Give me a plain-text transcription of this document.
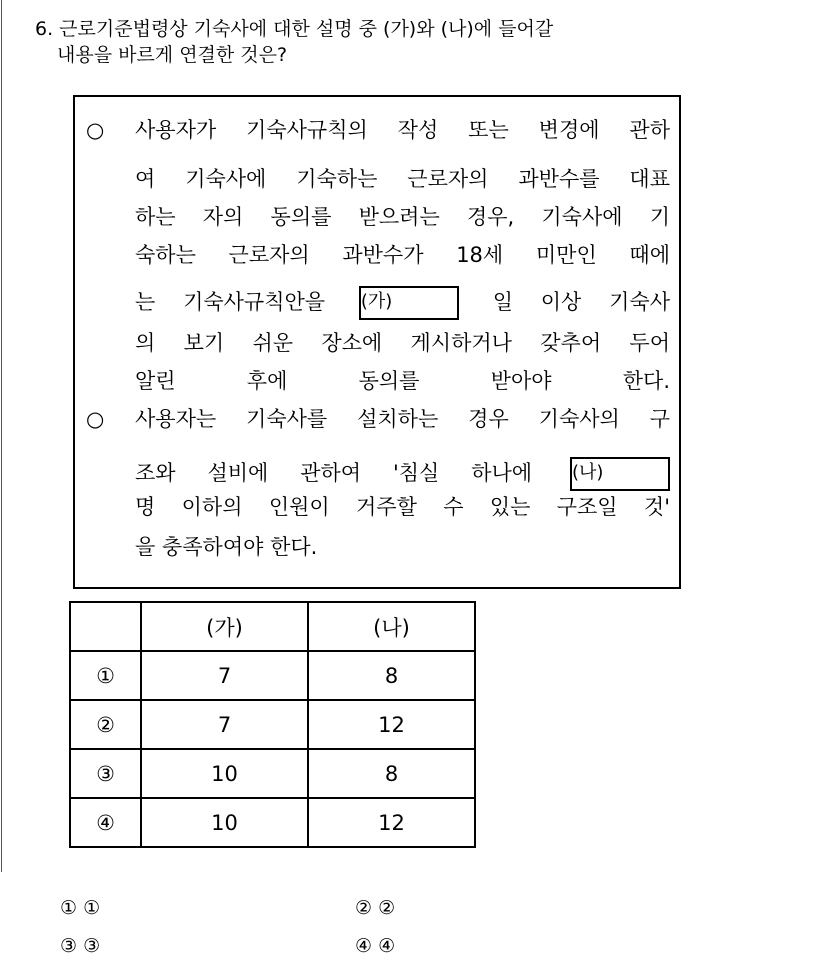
6. 근로기준법령상 기숙사에 대한 설명 중 (가)와 (나)에 들어갈
내용을 바르게 연결한 것은?
○ 사용자가 기숙사규칙의 작성 또는 변경에 관하
여 기숙사에 기숙하는 근로자의 과반수를 대표
하는 자의 동의를 받으려는 경우, 기숙사에 기
숙하는 근로자의 과반수가 18세 미만인 때에
는 기숙사규칙안을 (가)	일 이상 기숙사
의 보기 쉬운 장소에 게시하거나 갖추어 두어
알린 후에 동의를 받아야 한다.
○ 사용자는 기숙사를 설치하는 경우 기숙사의 구
조와 설비에 관하여 '침실 하나에 (나)
명 이하의 인원이 거주할 수 있는 구조일 것'
을 충족하여야 한다.
	(가)	(나)
①	7	8
②	7	12
③	10	8
④	10	12
① ①	② ②
③ ③	④ ④
